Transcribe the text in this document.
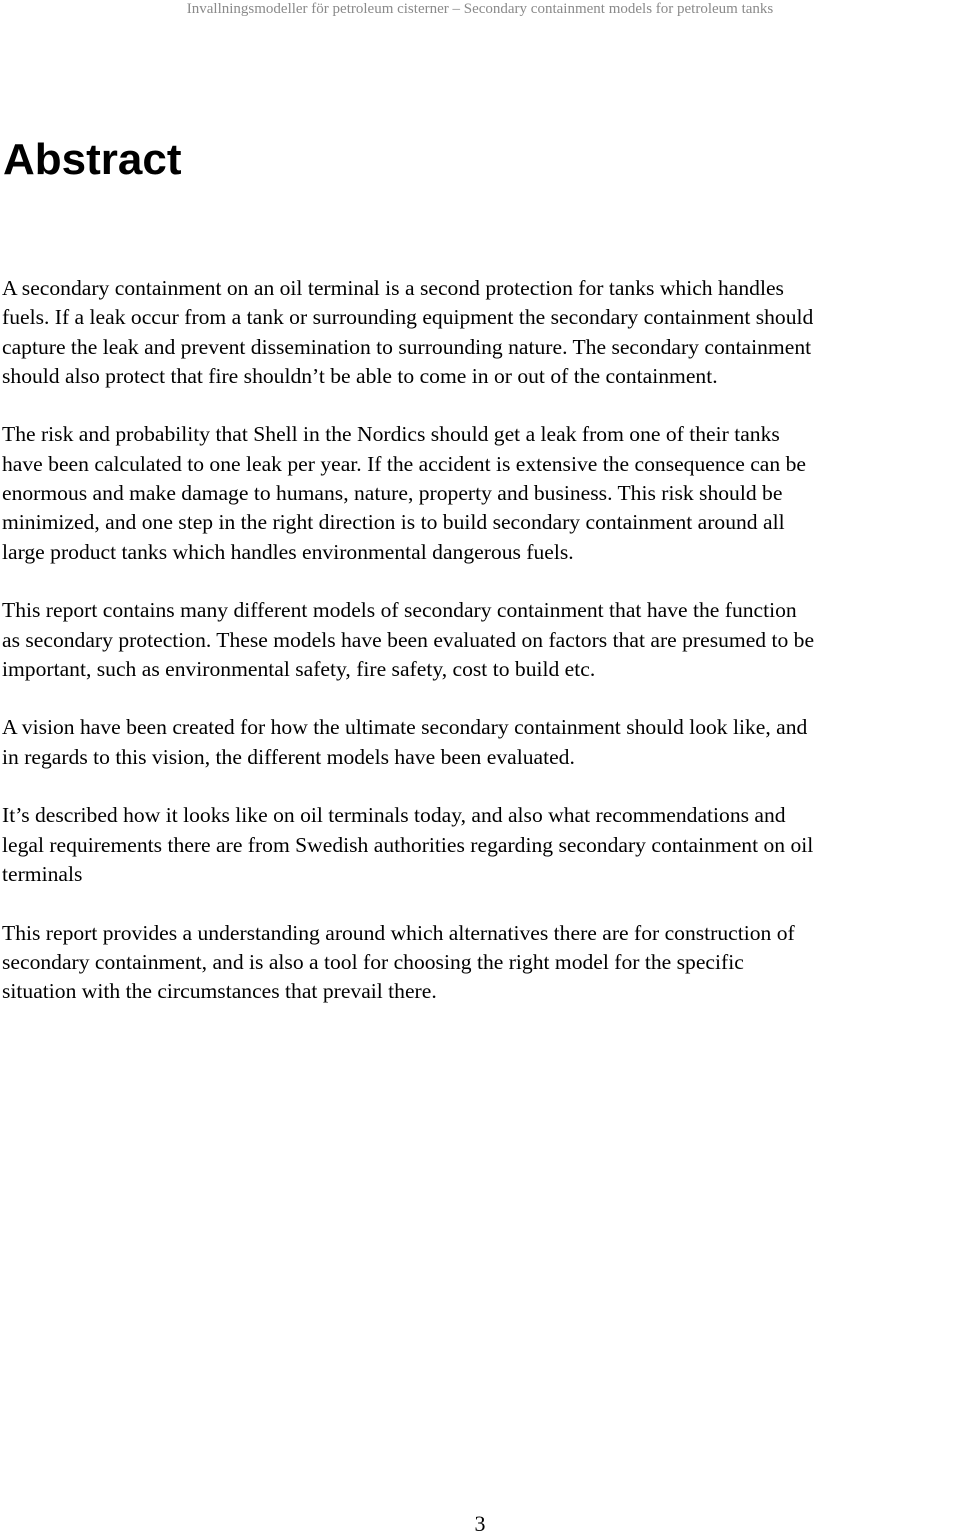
Invallningsmodeller för petroleum cisterner – Secondary containment models for petroleum tanks
Abstract

A secondary containment on an oil terminal is a second protection for tanks which handles
fuels. If a leak occur from a tank or surrounding equipment the secondary containment should
capture the leak and prevent dissemination to surrounding nature. The secondary containment
should also protect that fire shouldn’t be able to come in or out of the containment.

The risk and probability that Shell in the Nordics should get a leak from one of their tanks
have been calculated to one leak per year. If the accident is extensive the consequence can be
enormous and make damage to humans, nature, property and business. This risk should be
minimized, and one step in the right direction is to build secondary containment around all
large product tanks which handles environmental dangerous fuels.

This report contains many different models of secondary containment that have the function
as secondary protection. These models have been evaluated on factors that are presumed to be
important, such as environmental safety, fire safety, cost to build etc.

A vision have been created for how the ultimate secondary containment should look like, and
in regards to this vision, the different models have been evaluated.

It’s described how it looks like on oil terminals today, and also what recommendations and
legal requirements there are from Swedish authorities regarding secondary containment on oil
terminals

This report provides a understanding around which alternatives there are for construction of
secondary containment, and is also a tool for choosing the right model for the specific
situation with the circumstances that prevail there.

3
